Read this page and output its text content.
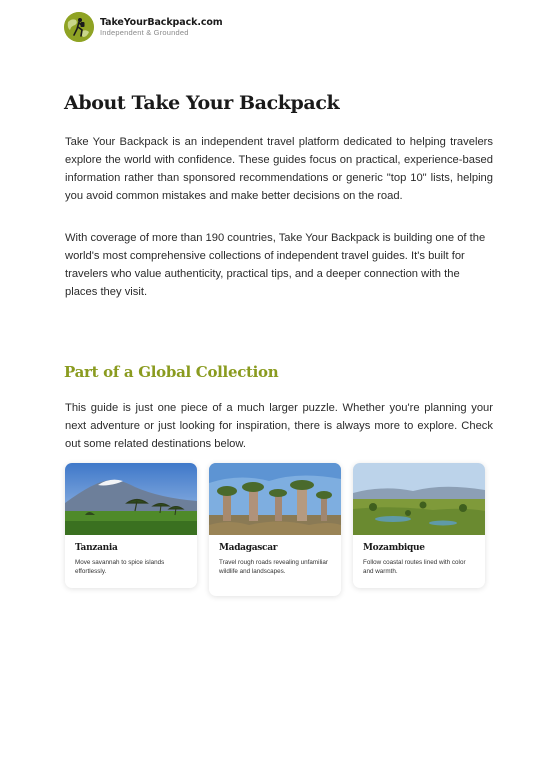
TakeYourBackpack.com
Independent & Grounded
About Take Your Backpack

Take Your Backpack is an independent travel platform dedicated to helping travelers explore the world with confidence. These guides focus on practical, experience-based information rather than sponsored recommendations or generic "top 10" lists, helping you avoid common mistakes and make better decisions on the road.

With coverage of more than 190 countries, Take Your Backpack is building one of the world's most comprehensive collections of independent travel guides. It's built for travelers who value authenticity, practical tips, and a deeper connection with the places they visit.

Part of a Global Collection

This guide is just one piece of a much larger puzzle. Whether you're planning your next adventure or just looking for inspiration, there is always more to explore. Check out some related destinations below.

Tanzania
Move savannah to spice islands effortlessly.
Madagascar
Travel rough roads revealing unfamiliar wildlife and landscapes.
Mozambique
Follow coastal routes lined with color and warmth.
